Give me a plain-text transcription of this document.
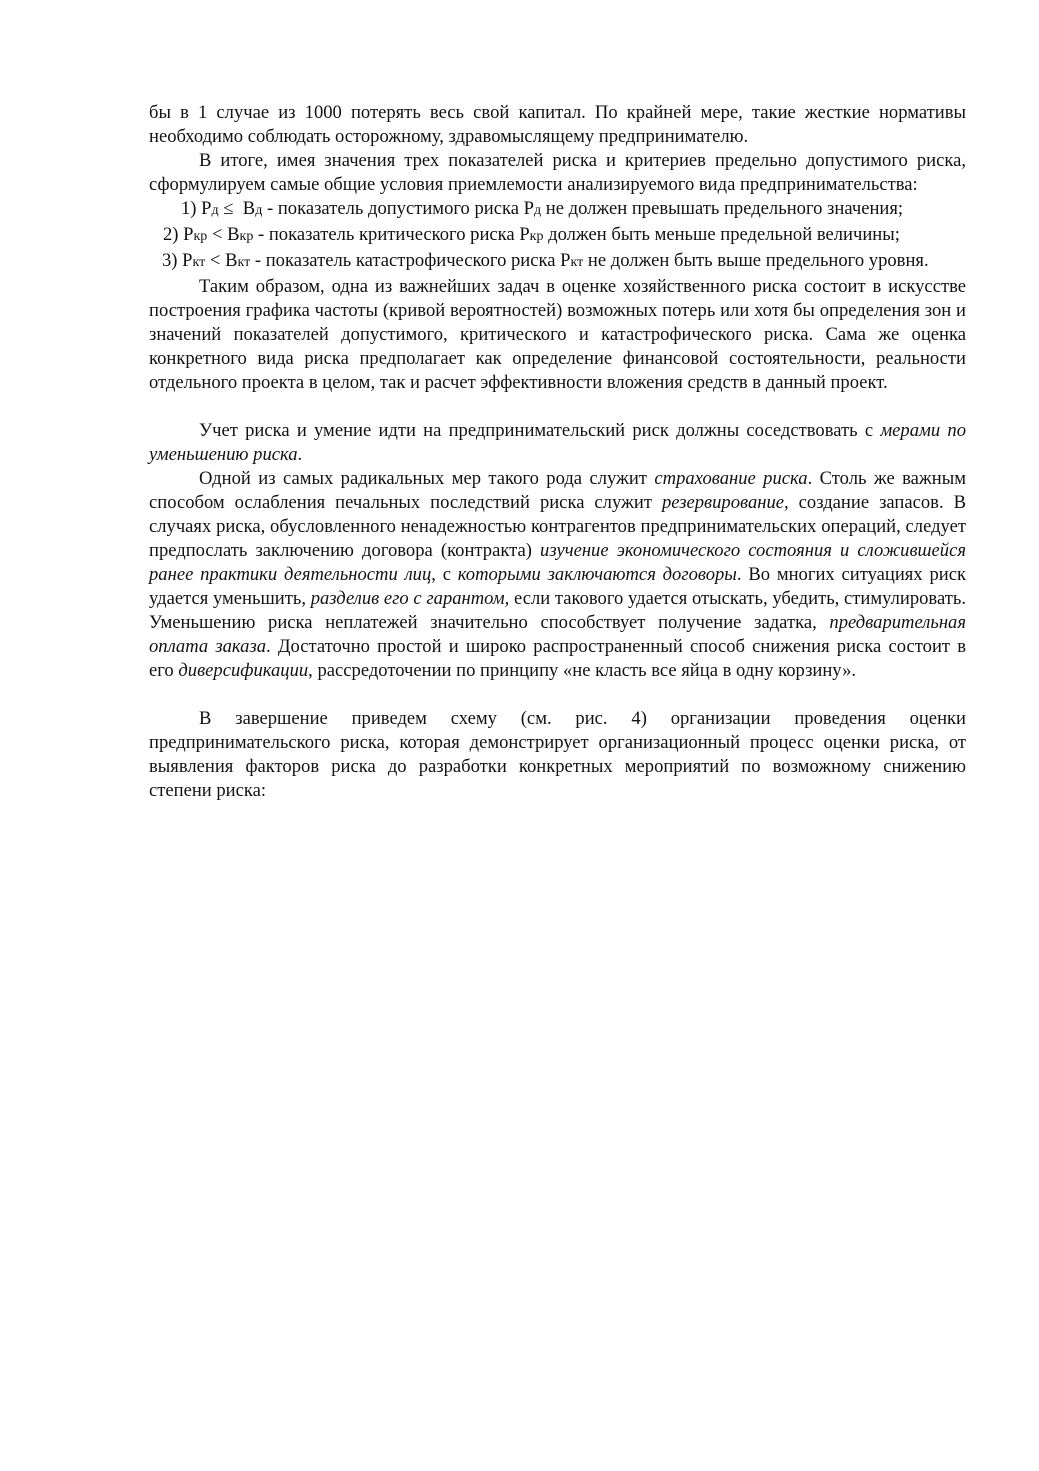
бы в 1 случае из 1000 потерять весь свой капитал. По крайней мере, такие жесткие нормативы необходимо соблюдать осторожному, здравомыслящему предпринимателю.

В итоге, имея значения трех показателей риска и критериев предельно допустимого риска, сформулируем самые общие условия приемлемости анализируемого вида предпринимательства:

1) Рд ≤ Вд - показатель допустимого риска Рд не должен превышать предельного значения;

2) Ркр < Вкр - показатель критического риска Ркр должен быть меньше предельной величины;

3) Ркт < Вкт - показатель катастрофического риска Ркт не должен быть выше предельного уровня.

Таким образом, одна из важнейших задач в оценке хозяйственного риска состоит в искусстве построения графика частоты (кривой вероятностей) возможных потерь или хотя бы определения зон и значений показателей допустимого, критического и катастрофического риска. Сама же оценка конкретного вида риска предполагает как определение финансовой состоятельности, реальности отдельного проекта в целом, так и расчет эффективности вложения средств в данный проект.

Учет риска и умение идти на предпринимательский риск должны соседствовать с мерами по уменьшению риска.

Одной из самых радикальных мер такого рода служит страхование риска. Столь же важным способом ослабления печальных последствий риска служит резервирование, создание запасов. В случаях риска, обусловленного ненадежностью контрагентов предпринимательских операций, следует предпослать заключению договора (контракта) изучение экономического состояния и сложившейся ранее практики деятельности лиц, с которыми заключаются договоры. Во многих ситуациях риск удается уменьшить, разделив его с гарантом, если такового удается отыскать, убедить, стимулировать. Уменьшению риска неплатежей значительно способствует получение задатка, предварительная оплата заказа. Достаточно простой и широко распространенный способ снижения риска состоит в его диверсификации, рассредоточении по принципу «не класть все яйца в одну корзину».

В завершение приведем схему (см. рис. 4) организации проведения оценки предпринимательского риска, которая демонстрирует организационный процесс оценки риска, от выявления факторов риска до разработки конкретных мероприятий по возможному снижению степени риска:
